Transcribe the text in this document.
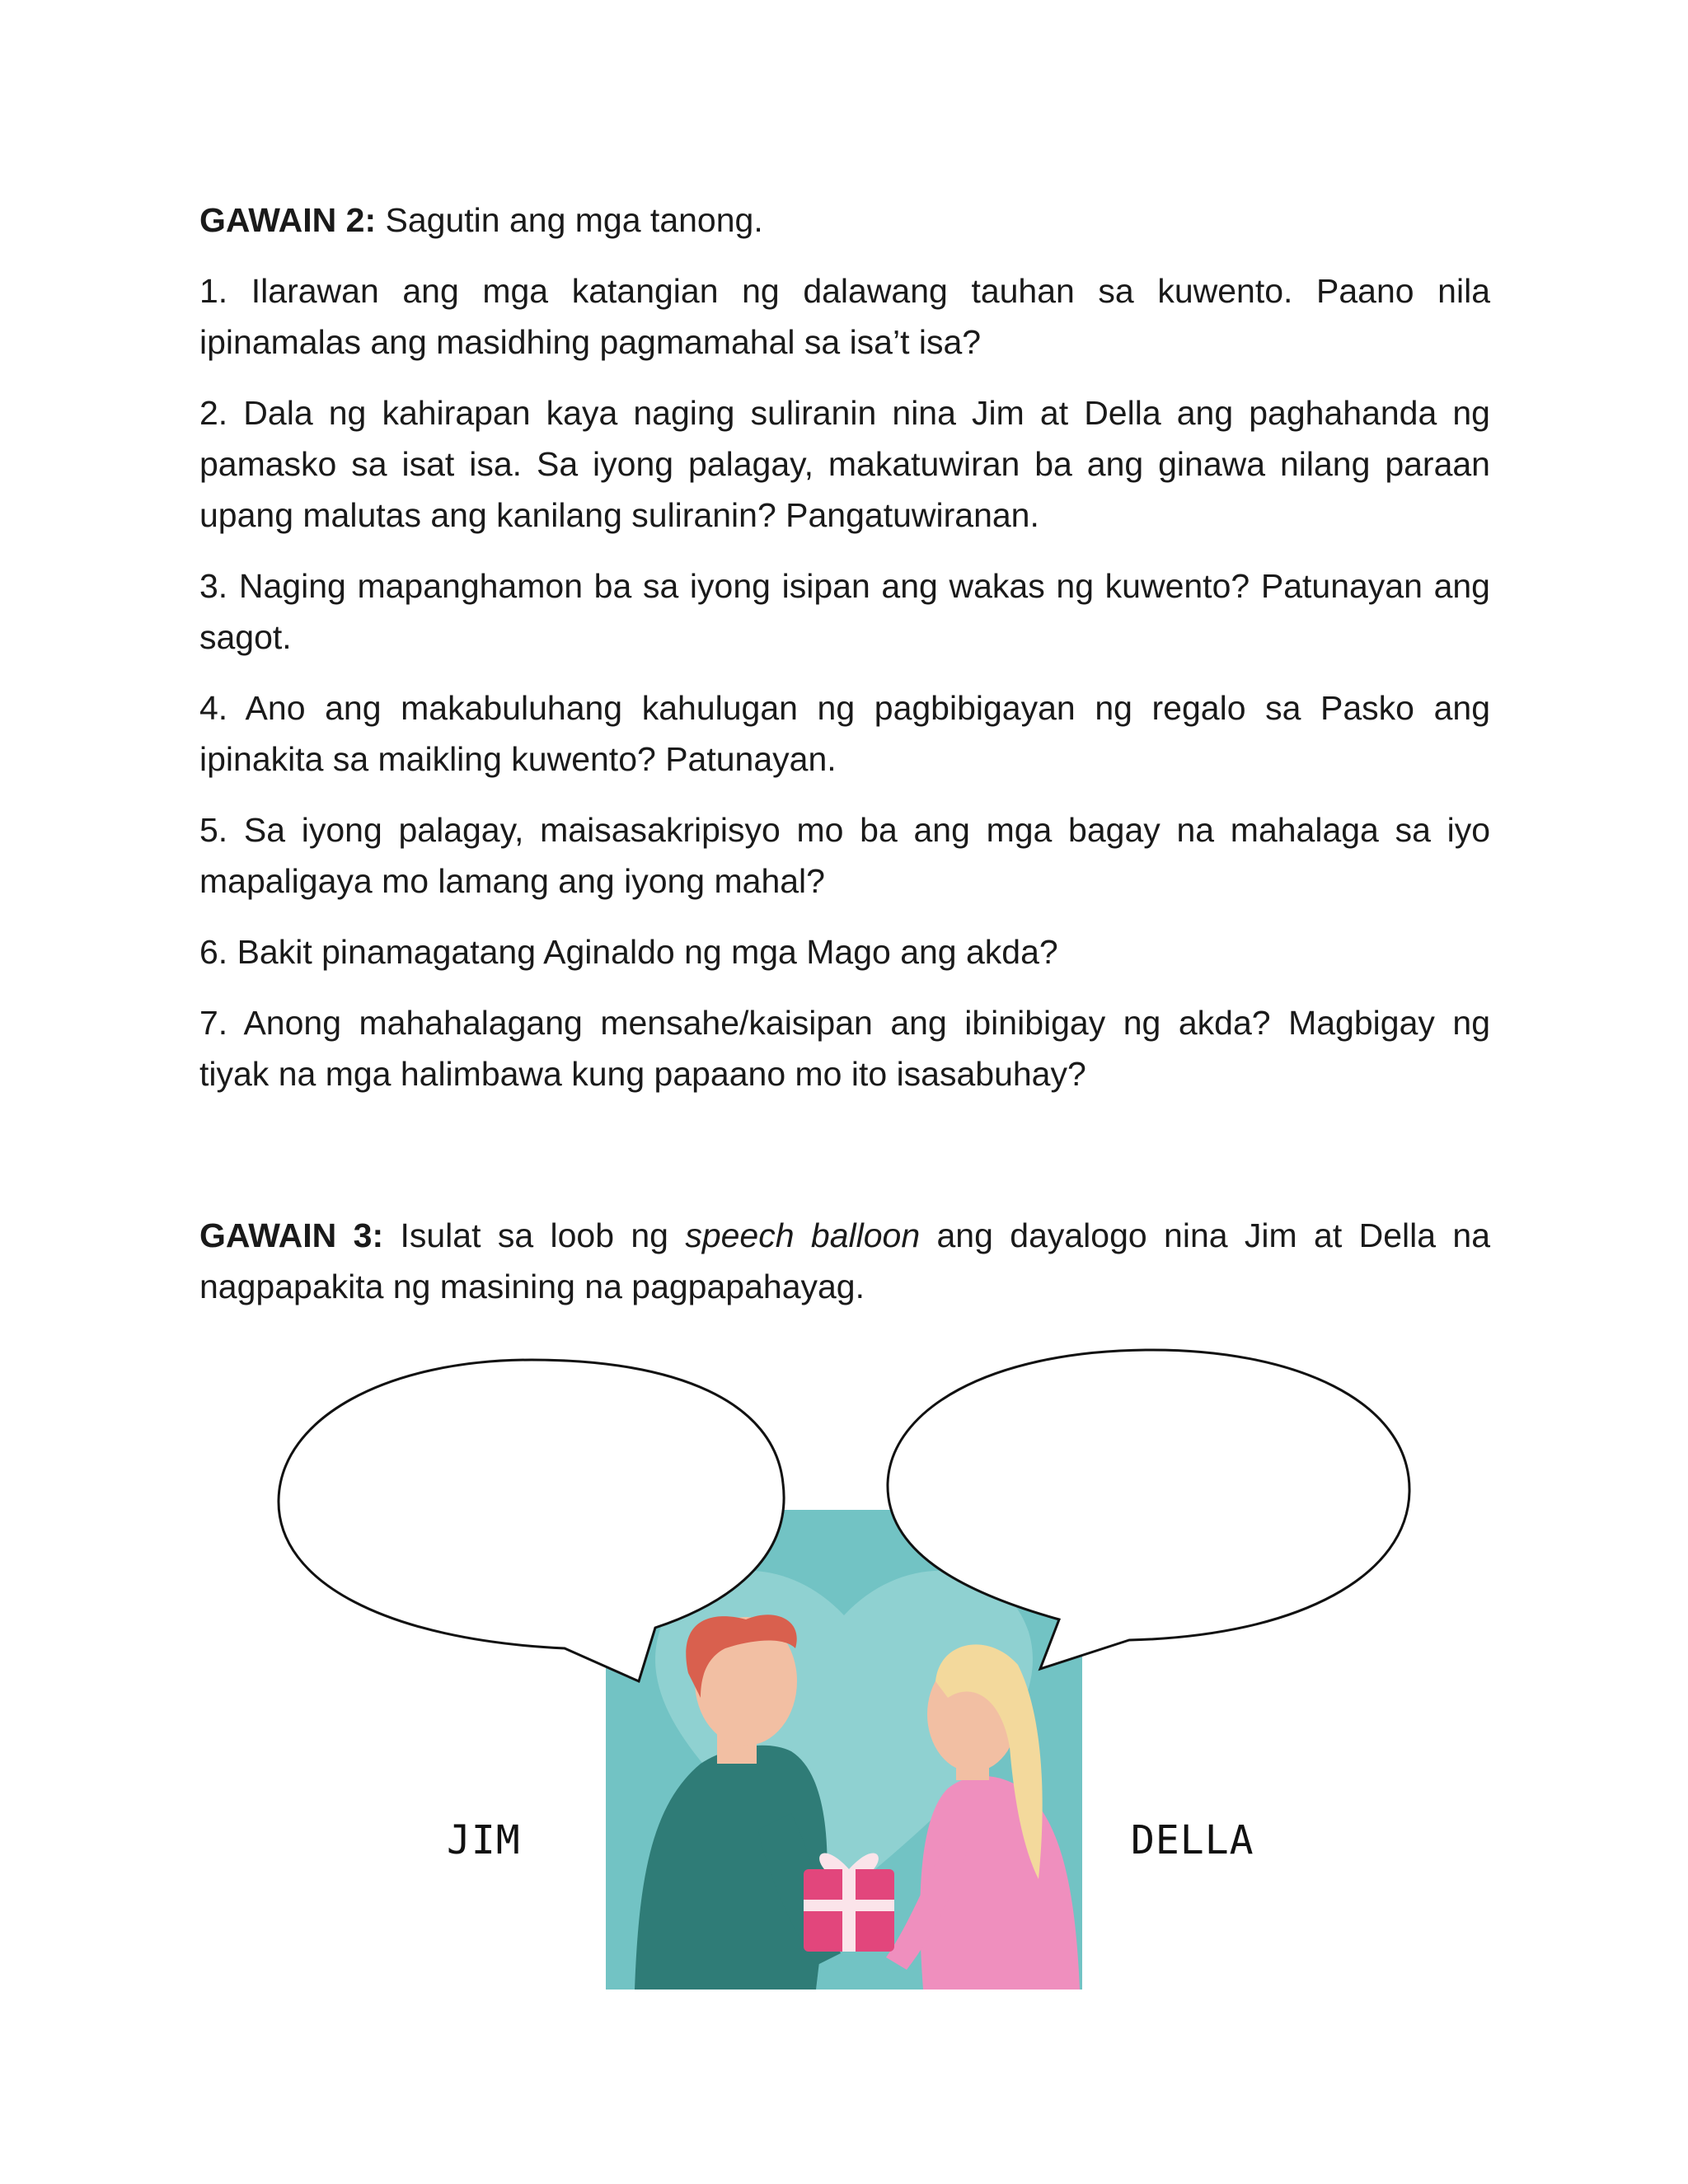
GAWAIN 2: Sagutin ang mga tanong.

1. Ilarawan ang mga katangian ng dalawang tauhan sa kuwento. Paano nila ipinamalas ang masidhing pagmamahal sa isa’t isa?

2. Dala ng kahirapan kaya naging suliranin nina Jim at Della ang paghahanda ng pamasko sa isat isa. Sa iyong palagay, makatuwiran ba ang ginawa nilang paraan upang malutas ang kanilang suliranin? Pangatuwiranan.

3. Naging mapanghamon ba sa iyong isipan ang wakas ng kuwento? Patunayan ang sagot.

4. Ano ang makabuluhang kahulugan ng pagbibigayan ng regalo sa Pasko ang ipinakita sa maikling kuwento? Patunayan.

5. Sa iyong palagay, maisasakripisyo mo ba ang mga bagay na mahalaga sa iyo mapaligaya mo lamang ang iyong mahal?

6. Bakit pinamagatang Aginaldo ng mga Mago ang akda?

7. Anong mahahalagang mensahe/kaisipan ang ibinibigay ng akda? Magbigay ng tiyak na mga halimbawa kung papaano mo ito isasabuhay?

GAWAIN 3: Isulat sa loob ng speech balloon ang dayalogo nina Jim at Della na nagpapakita ng masining na pagpapahayag.

JIM	DELLA
